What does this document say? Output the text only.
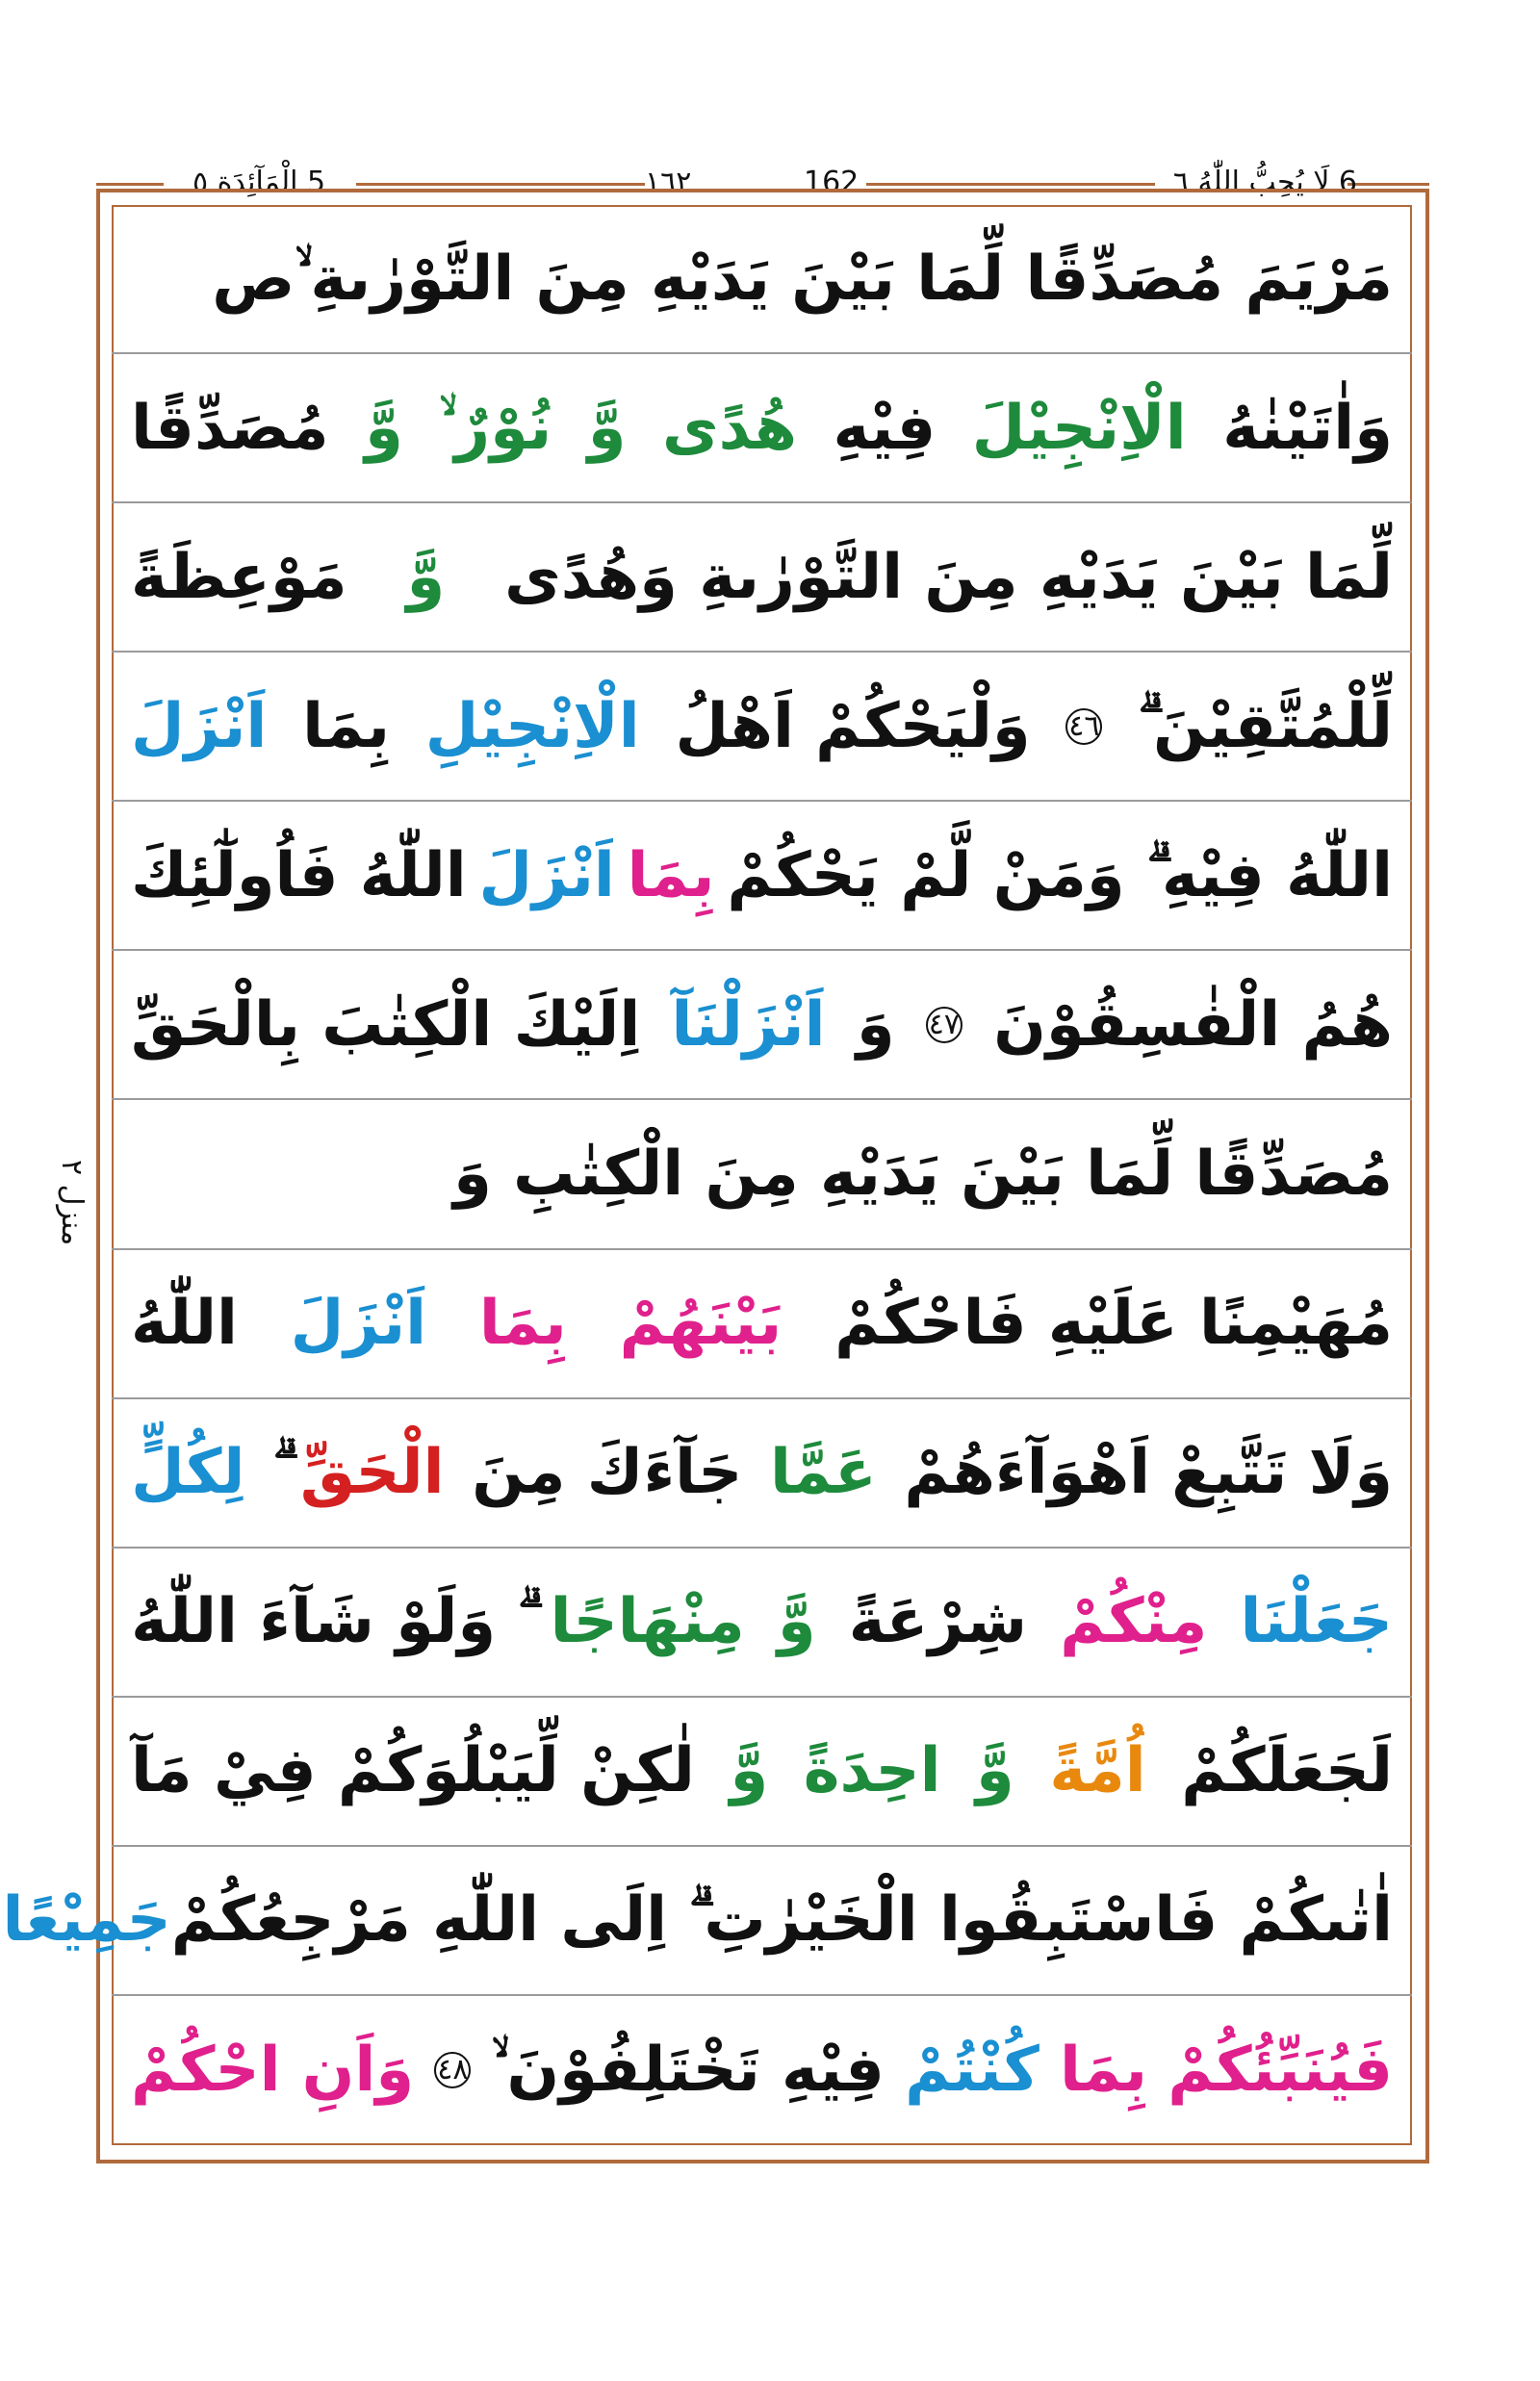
5 الْمَآئِدَة ٥	١٦٢	162	6 لَا يُحِبُّ اللّٰهُ ٦
منزل ٢
مَرْيَمَ مُصَدِّقًا لِّمَا بَيْنَ يَدَيْهِ مِنَ التَّوْرٰىةِ ۙص
وَاٰتَيْنٰهُ
الْاِنْجِيْلَ
فِيْهِ
هُدًى
وَّ
نُوْرٌ ۙ
وَّ
مُصَدِّقًا
لِّمَا بَيْنَ يَدَيْهِ مِنَ التَّوْرٰىةِ وَهُدًى
وَّ
مَوْعِظَةً
لِّلْمُتَّقِيْنَ ۗ
٤٦
وَلْيَحْكُمْ اَهْلُ
الْاِنْجِيْلِ
بِمَا
اَنْزَلَ
اللّٰهُ فِيْهِ ۗ وَمَنْ لَّمْ يَحْكُمْ
بِمَا
اَنْزَلَ
اللّٰهُ فَاُولٰٓئِكَ
هُمُ الْفٰسِقُوْنَ
٤٧
وَ
اَنْزَلْنَآ
اِلَيْكَ الْكِتٰبَ بِالْحَقِّ
مُصَدِّقًا لِّمَا بَيْنَ يَدَيْهِ مِنَ الْكِتٰبِ وَ
مُهَيْمِنًا عَلَيْهِ فَاحْكُمْ
بَيْنَهُمْ
بِمَا
اَنْزَلَ
اللّٰهُ
وَلَا تَتَّبِعْ اَهْوَآءَهُمْ
عَمَّا
جَآءَكَ مِنَ
الْحَقِّ
لِكُلٍّ
جَعَلْنَا
مِنْكُمْ
شِرْعَةً
وَّ
مِنْهَاجًا
ۗ وَلَوْ شَآءَ اللّٰهُ
لَجَعَلَكُمْ
اُمَّةً
وَّ
احِدَةً
وَّ
لٰكِنْ لِّيَبْلُوَكُمْ فِيْ مَآ
اٰتٰىكُمْ فَاسْتَبِقُوا الْخَيْرٰتِ ۗ اِلَى اللّٰهِ مَرْجِعُكُمْ
جَمِيْعًا
فَيُنَبِّئُكُمْ
بِمَا
كُنْتُمْ
فِيْهِ تَخْتَلِفُوْنَ ۙ
٤٨
وَاَنِ احْكُمْ
